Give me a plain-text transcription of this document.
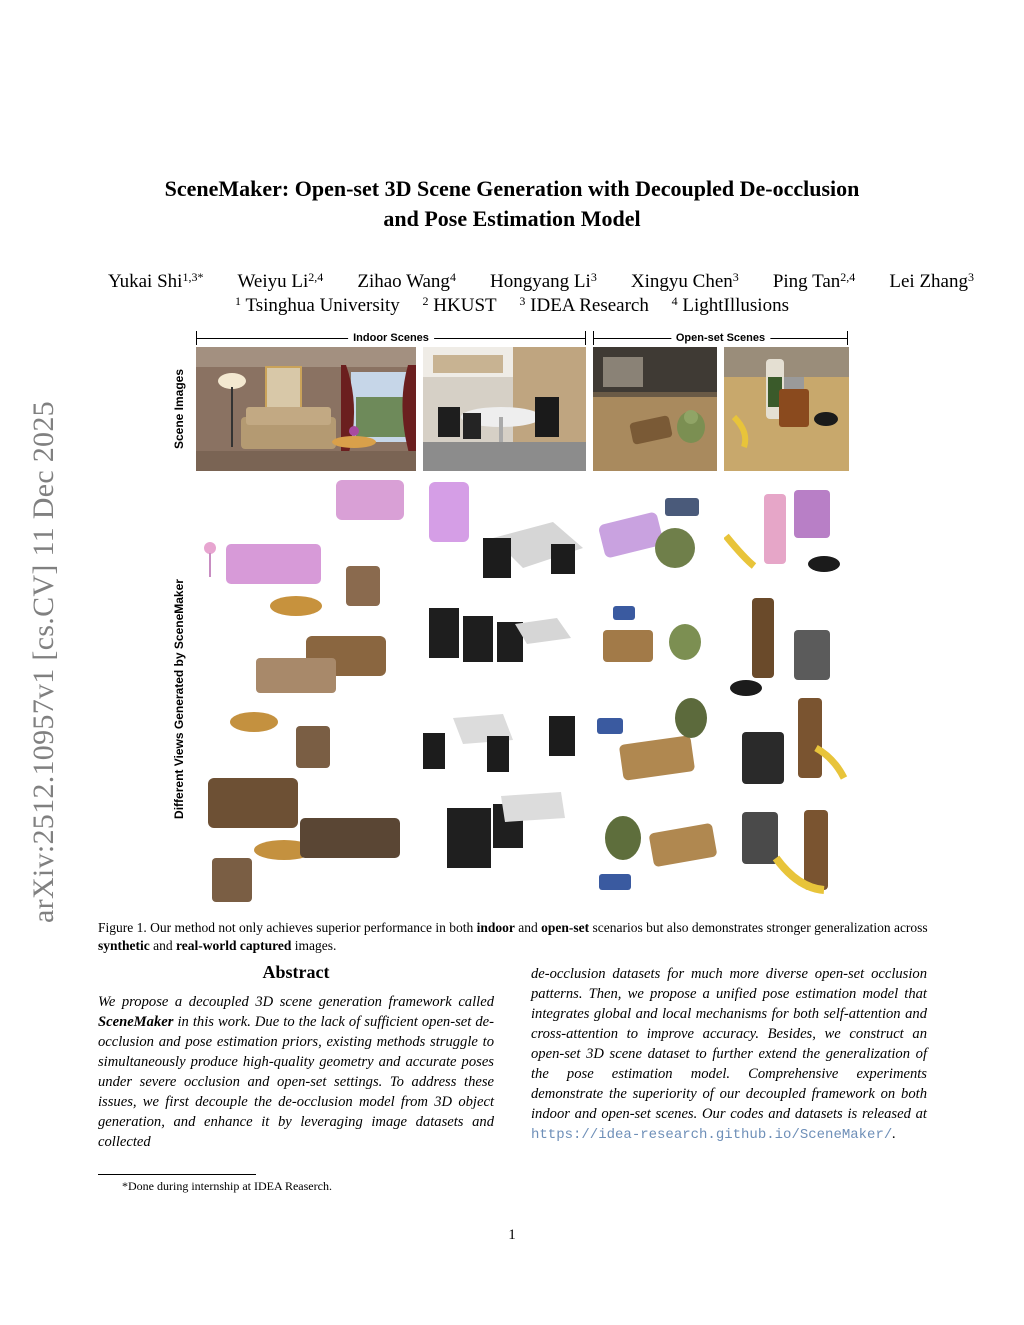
arXiv:2512.10957v1 [cs.CV] 11 Dec 2025
SceneMaker: Open-set 3D Scene Generation with Decoupled De-occlusion
and Pose Estimation Model
Yukai Shi$^{1,3*}$ Weiyu Li$^{2,4}$ Zihao Wang$^4$ Hongyang Li$^3$ Xingyu Chen$^3$ Ping Tan$^{2,4}$ Lei Zhang$^3$
$^1$ Tsinghua University $^2$ HKUST $^3$ IDEA Research $^4$ LightIllusions
Indoor Scenes	Open-set Scenes
Scene Images
Different Views Generated by SceneMaker
Figure 1. Our method not only achieves superior performance in both indoor and open-set scenarios but also demonstrates stronger generalization across synthetic and real-world captured images.
Abstract
We propose a decoupled 3D scene generation framework called SceneMaker in this work. Due to the lack of sufficient open-set de-occlusion and pose estimation priors, existing methods struggle to simultaneously produce high-quality geometry and accurate poses under severe occlusion and open-set settings. To address these issues, we first decouple the de-occlusion model from 3D object generation, and enhance it by leveraging image datasets and collected
de-occlusion datasets for much more diverse open-set occlusion patterns. Then, we propose a unified pose estimation model that integrates global and local mechanisms for both self-attention and cross-attention to improve accuracy. Besides, we construct an open-set 3D scene dataset to further extend the generalization of the pose estimation model. Comprehensive experiments demonstrate the superiority of our decoupled framework on both indoor and open-set scenes. Our codes and datasets is released at https://idea-research.github.io/SceneMaker/.
*Done during internship at IDEA Reaserch.
1
